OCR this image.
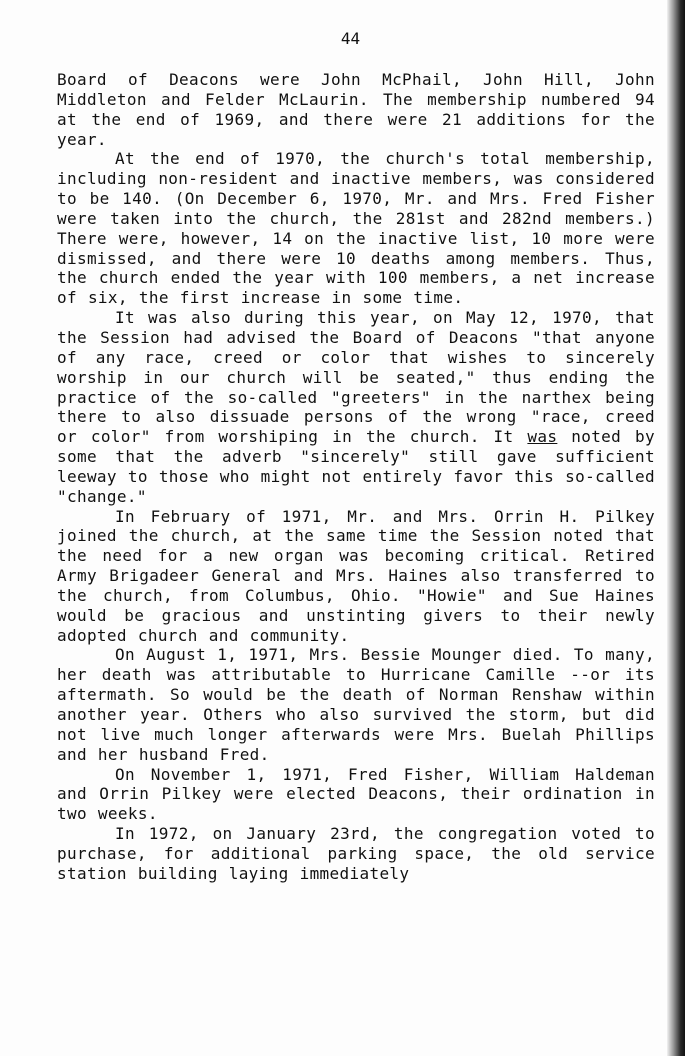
44

Board of Deacons were John McPhail, John Hill, John Middleton and Felder McLaurin. The membership numbered 94 at the end of 1969, and there were 21 additions for the year.

At the end of 1970, the church's total membership, including non-resident and inactive members, was considered to be 140. (On December 6, 1970, Mr. and Mrs. Fred Fisher were taken into the church, the 281st and 282nd members.) There were, however, 14 on the inactive list, 10 more were dismissed, and there were 10 deaths among members. Thus, the church ended the year with 100 members, a net increase of six, the first increase in some time.

It was also during this year, on May 12, 1970, that the Session had advised the Board of Deacons "that anyone of any race, creed or color that wishes to sincerely worship in our church will be seated," thus ending the practice of the so-called "greeters" in the narthex being there to also dissuade persons of the wrong "race, creed or color" from worshiping in the church. It was noted by some that the adverb "sincerely" still gave sufficient leeway to those who might not entirely favor this so-called "change."

In February of 1971, Mr. and Mrs. Orrin H. Pilkey joined the church, at the same time the Session noted that the need for a new organ was becoming critical. Retired Army Brigadeer General and Mrs. Haines also transferred to the church, from Columbus, Ohio. "Howie" and Sue Haines would be gracious and unstinting givers to their newly adopted church and community.

On August 1, 1971, Mrs. Bessie Mounger died. To many, her death was attributable to Hurricane Camille --or its aftermath. So would be the death of Norman Renshaw within another year. Others who also survived the storm, but did not live much longer afterwards were Mrs. Buelah Phillips and her husband Fred.

On November 1, 1971, Fred Fisher, William Haldeman and Orrin Pilkey were elected Deacons, their ordination in two weeks.

In 1972, on January 23rd, the congregation voted to purchase, for additional parking space, the old service station building laying immediately
